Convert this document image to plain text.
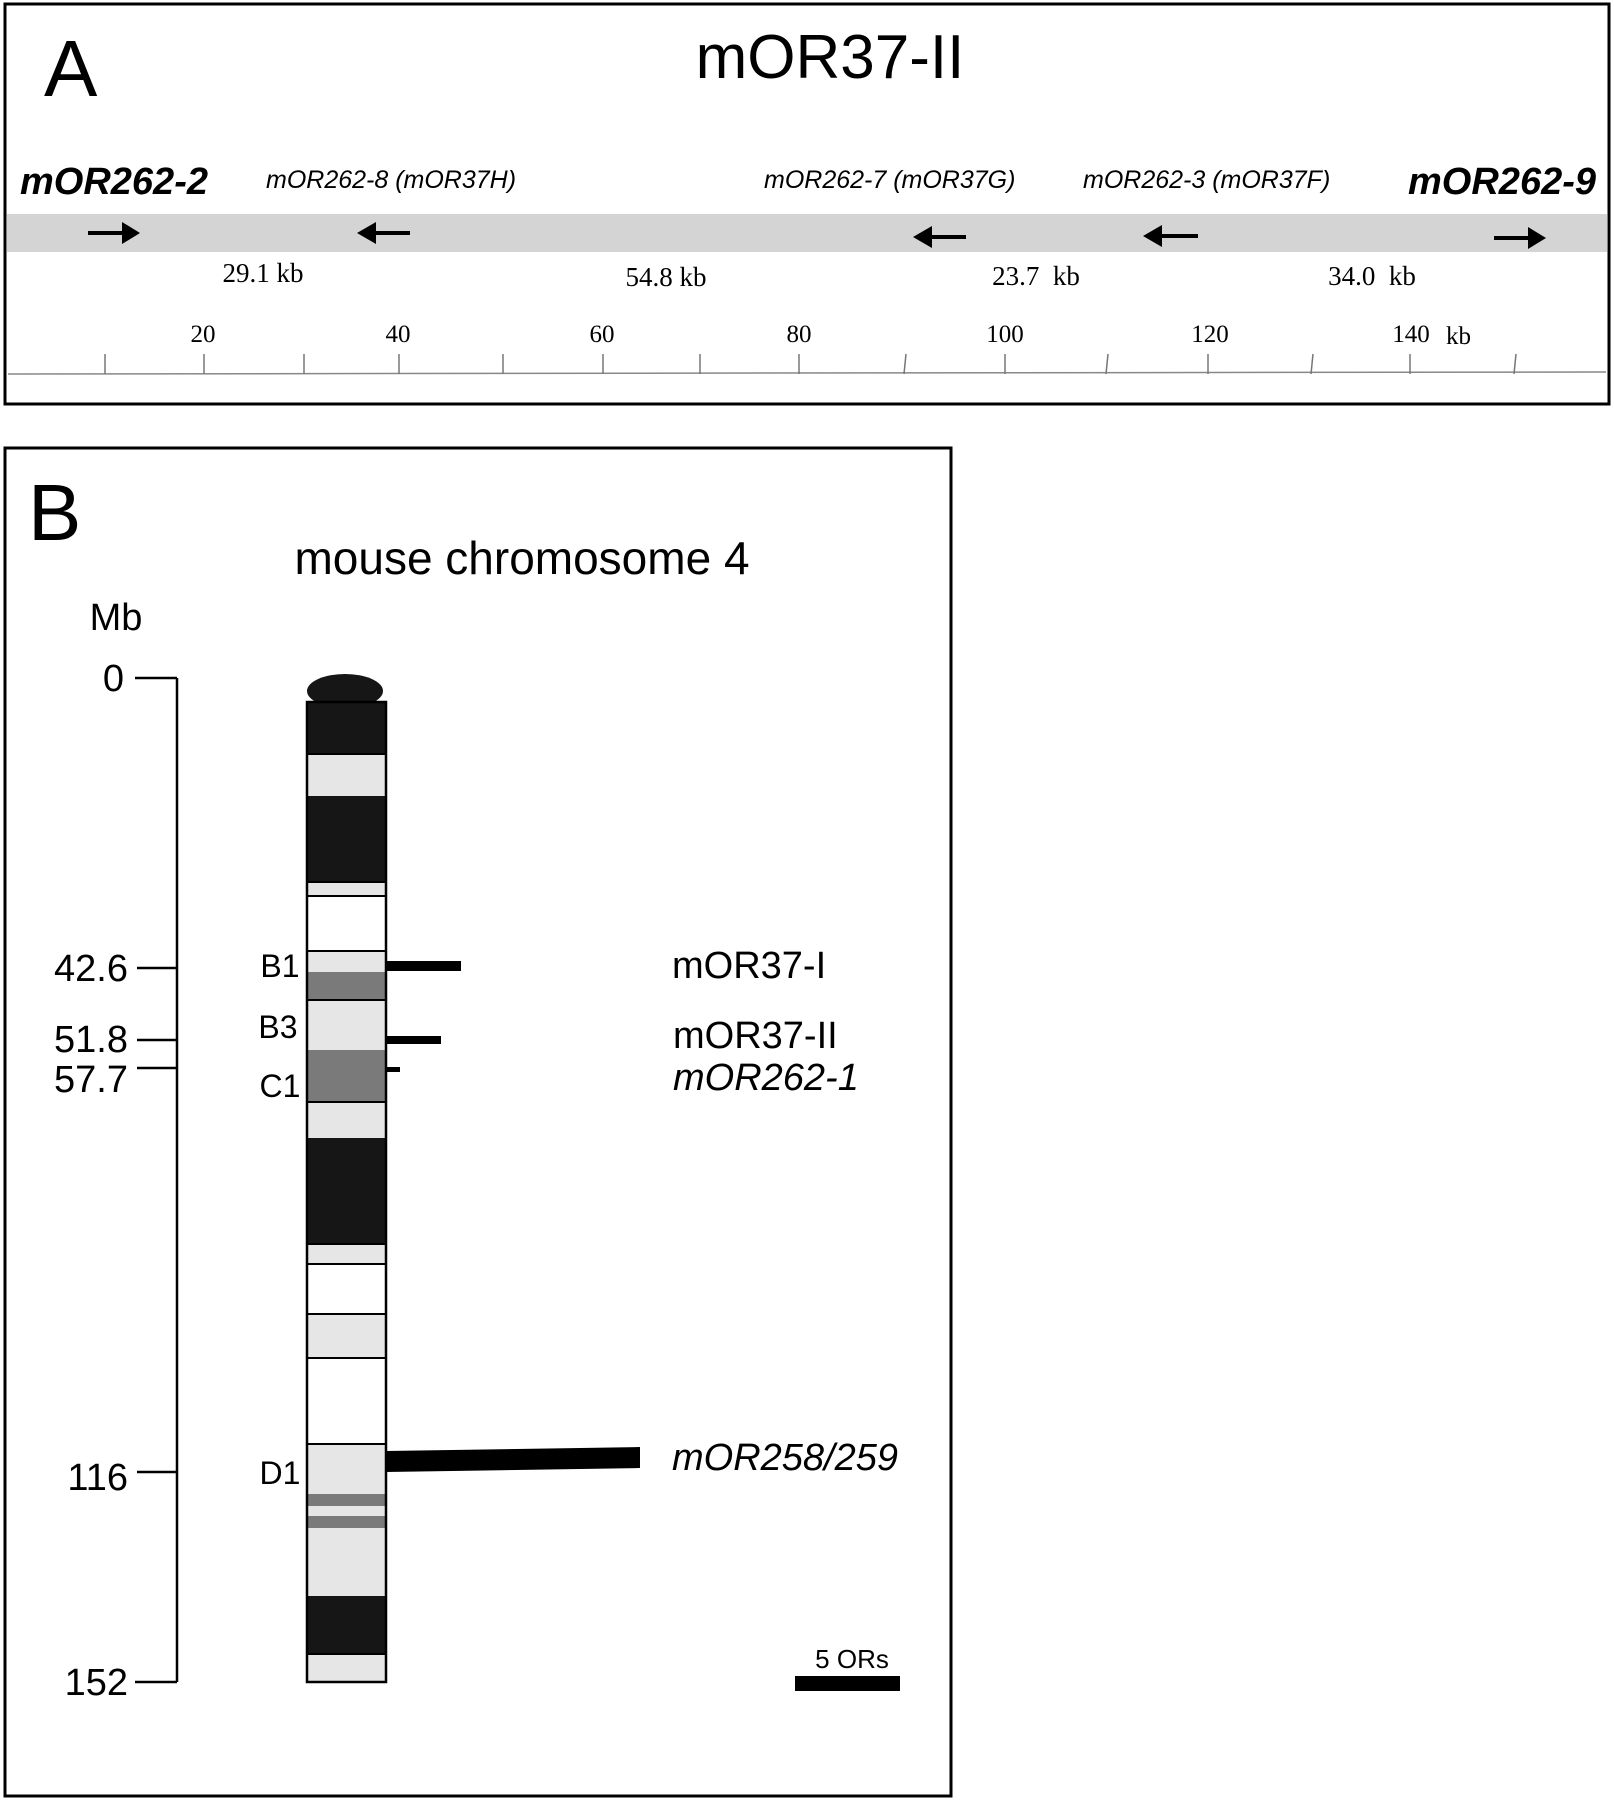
A	mOR37-II
mOR262-2 mOR262-8 (mOR37H)	mOR262-7 (mOR37G)	mOR262-3 (mOR37F) mOR262-9
29.1 kb	54.8 kb	23.7  kb	34.0  kb
20	40	60	80	100	120	140 kb
B
mouse chromosome 4
Mb
0
42.6
51.8
57.7
116
152
B1
B3
C1
D1
mOR37-I
mOR37-II
mOR262-1
mOR258/259
5 ORs
